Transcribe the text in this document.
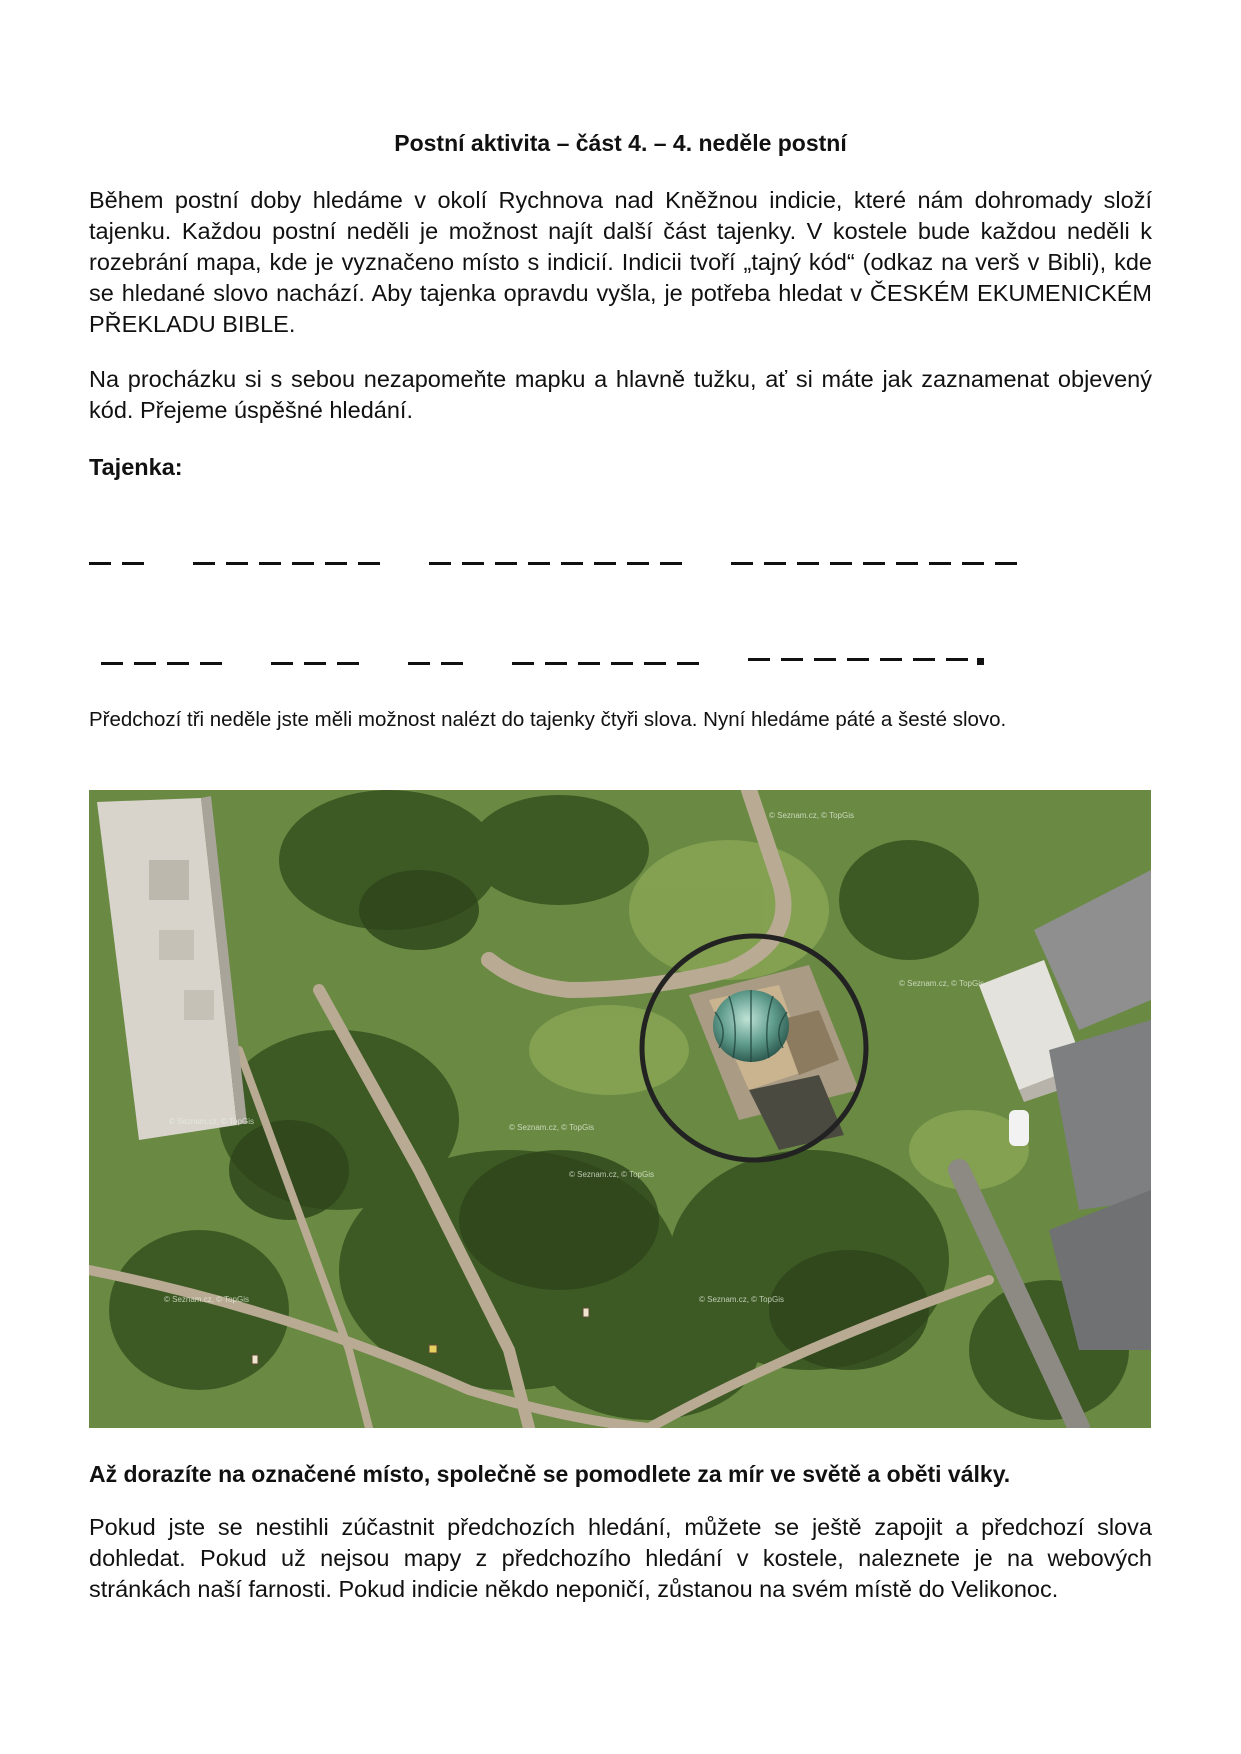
Postní aktivita – část 4. – 4. neděle postní

Během postní doby hledáme v okolí Rychnova nad Kněžnou indicie, které nám dohromady složí tajenku. Každou postní neděli je možnost najít další část tajenky. V kostele bude každou neděli k rozebrání mapa, kde je vyznačeno místo s indicií. Indicii tvoří „tajný kód“ (odkaz na verš v Bibli), kde se hledané slovo nachází. Aby tajenka opravdu vyšla, je potřeba hledat v ČESKÉM EKUMENICKÉM PŘEKLADU BIBLE.

Na procházku si s sebou nezapomeňte mapku a hlavně tužku, ať si máte jak zaznamenat objevený kód. Přejeme úspěšné hledání.

Tajenka:
Předchozí tři neděle jste měli možnost nalézt do tajenky čtyři slova. Nyní hledáme páté a šesté slovo.
© Seznam.cz, © TopGis
© Seznam.cz, © TopGis
© Seznam.cz, © TopGis
© Seznam.cz, © TopGis
© Seznam.cz, © TopGis
© Seznam.cz, © TopGis	© Seznam.cz, © TopGis
Až dorazíte na označené místo, společně se pomodlete za mír ve světě a oběti války.

Pokud jste se nestihli zúčastnit předchozích hledání, můžete se ještě zapojit a předchozí slova dohledat. Pokud už nejsou mapy z předchozího hledání v kostele, naleznete je na webových stránkách naší farnosti. Pokud indicie někdo neponičí, zůstanou na svém místě do Velikonoc.
